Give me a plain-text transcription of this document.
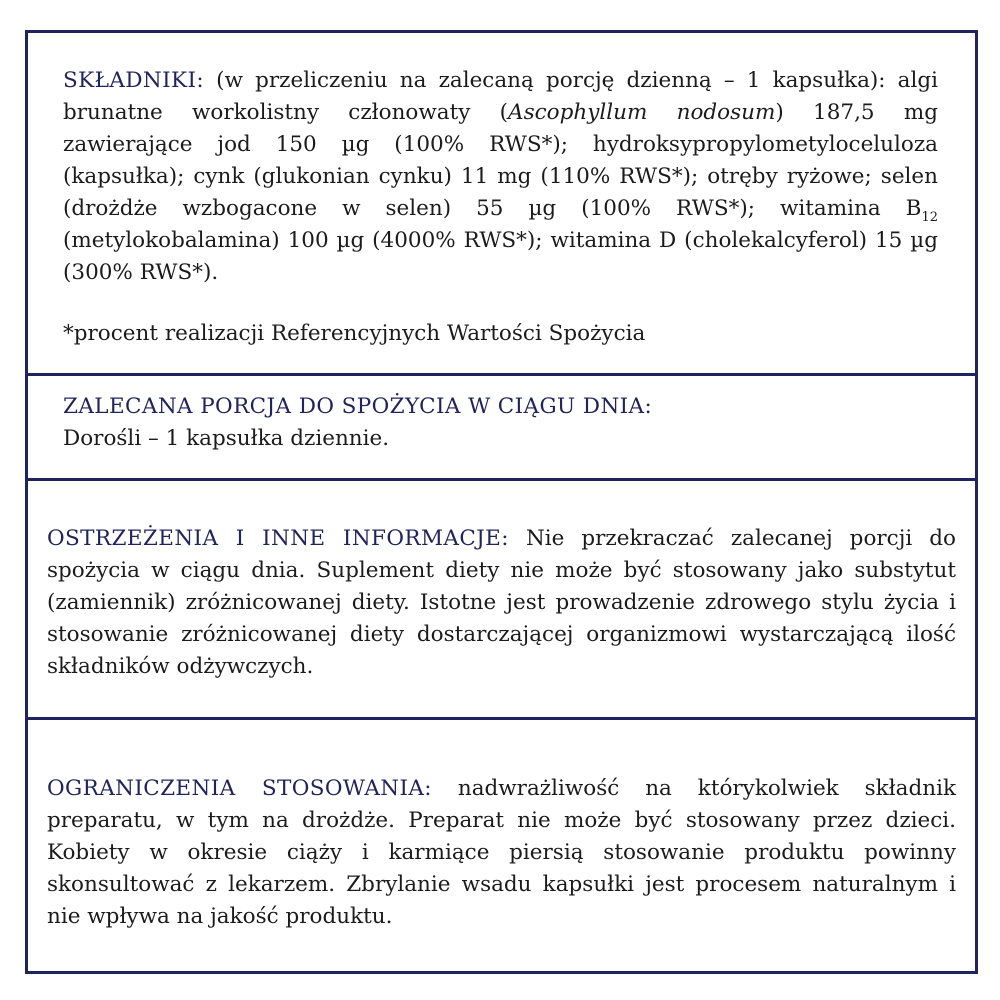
SKŁADNIKI: (w przeliczeniu na zalecaną porcję dzienną – 1 kapsułka): algi brunatne workolistny członowaty (Ascophyllum nodosum) 187,5 mg zawierające jod 150 µg (100% RWS*); hydroksypropylometyloceluloza (kapsułka); cynk (glukonian cynku) 11 mg (110% RWS*); otręby ryżowe; selen (drożdże wzbogacone w selen) 55 µg (100% RWS*); witamina $B_{12}$ (metylokobalamina) 100 µg (4000% RWS*); witamina D (cholekalcyferol) 15 µg (300% RWS*).
*procent realizacji Referencyjnych Wartości Spożycia
ZALECANA PORCJA DO SPOŻYCIA W CIĄGU DNIA:
Dorośli – 1 kapsułka dziennie.
OSTRZEŻENIA I INNE INFORMACJE: Nie przekraczać zalecanej porcji do spożycia w ciągu dnia. Suplement diety nie może być stosowany jako substytut (zamiennik) zróżnicowanej diety. Istotne jest prowadzenie zdrowego stylu życia i stosowanie zróżnicowanej diety dostarczającej organizmowi wystarczającą ilość składników odżywczych.
OGRANICZENIA STOSOWANIA: nadwrażliwość na którykolwiek składnik preparatu, w tym na drożdże. Preparat nie może być stosowany przez dzieci. Kobiety w okresie ciąży i karmiące piersią stosowanie produktu powinny skonsultować z lekarzem. Zbrylanie wsadu kapsułki jest procesem naturalnym i nie wpływa na jakość produktu.
